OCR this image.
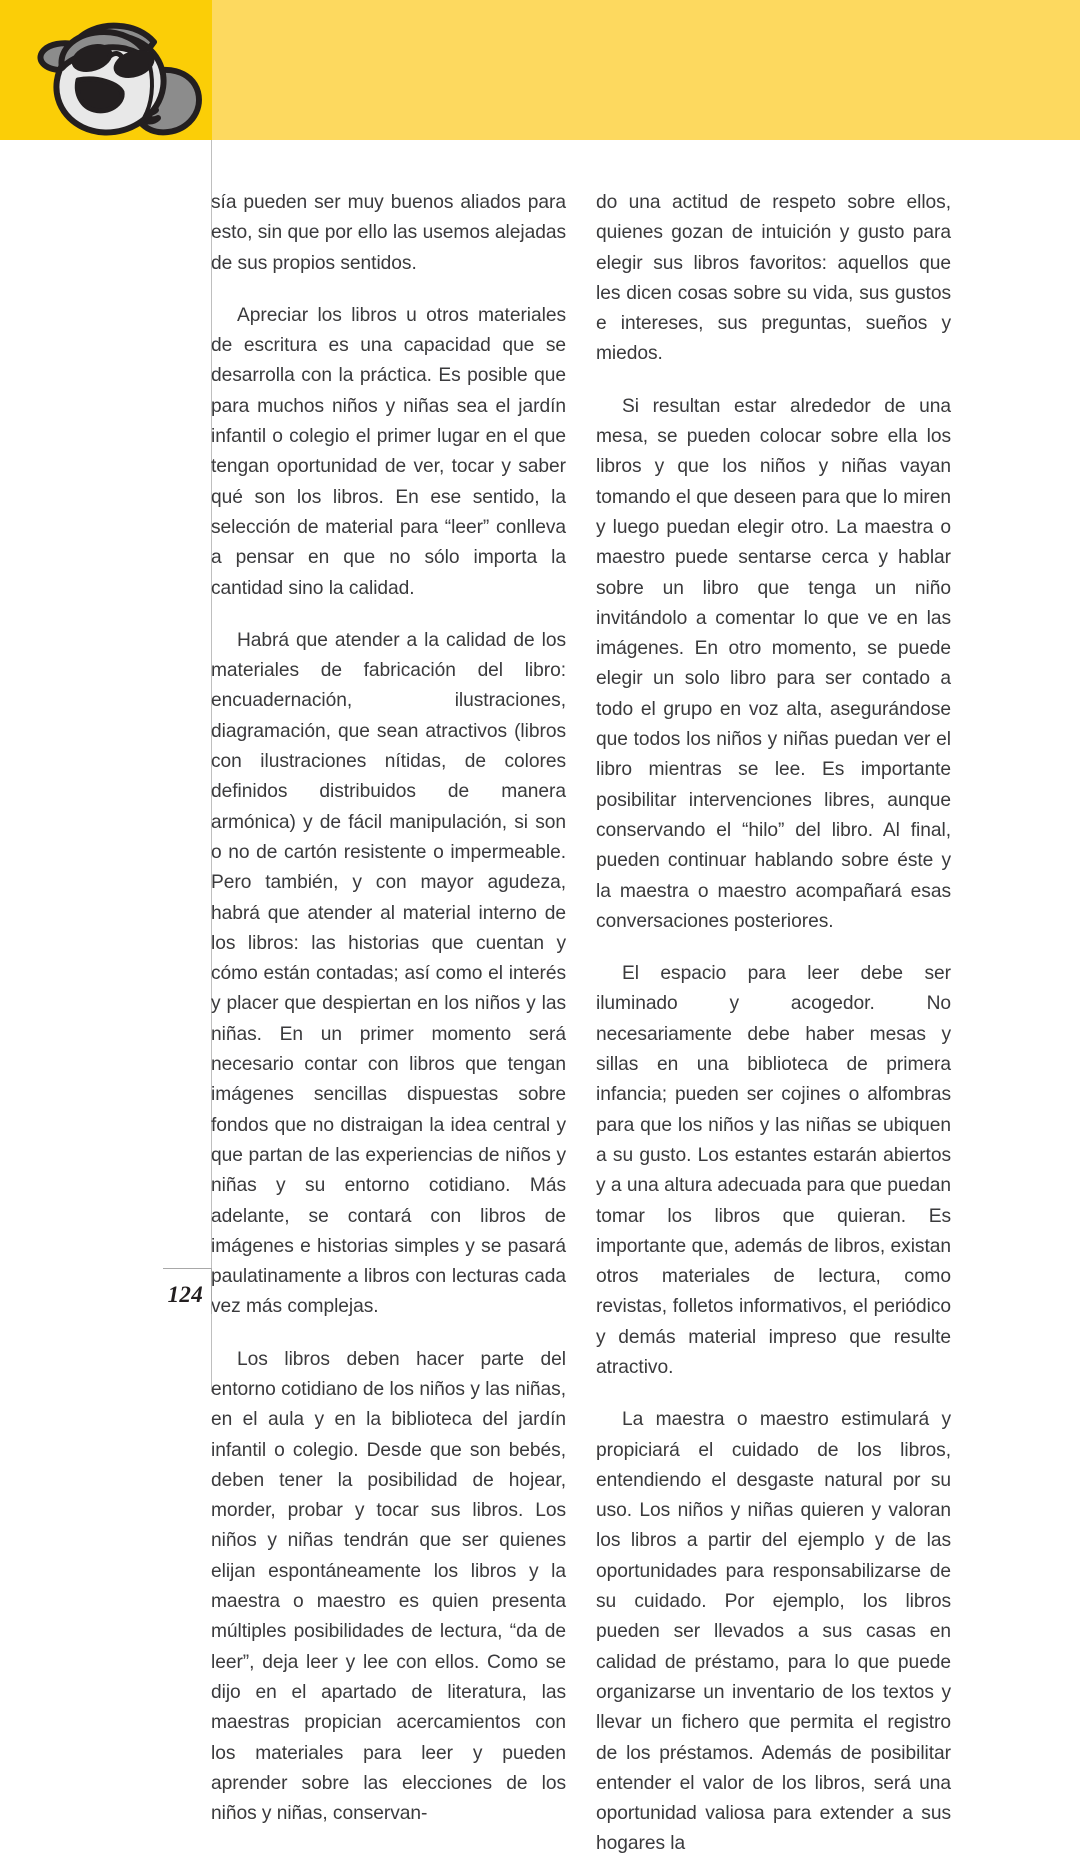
sía pueden ser muy buenos aliados para esto, sin que por ello las usemos alejadas de sus propios sentidos.

Apreciar los libros u otros materiales de escritura es una capacidad que se desarrolla con la práctica. Es posible que para muchos niños y niñas sea el jardín infantil o colegio el primer lugar en el que tengan oportunidad de ver, tocar y saber qué son los libros. En ese sentido, la selección de material para “leer” conlleva a pensar en que no sólo importa la cantidad sino la calidad.

Habrá que atender a la calidad de los materiales de fabricación del libro: encuadernación, ilustraciones, diagramación, que sean atractivos (libros con ilustraciones nítidas, de colores definidos distribuidos de manera armónica) y de fácil manipulación, si son o no de cartón resistente o impermeable. Pero también, y con mayor agudeza, habrá que atender al material interno de los libros: las historias que cuentan y cómo están contadas; así como el interés y placer que despiertan en los niños y las niñas. En un primer momento será necesario contar con libros que tengan imágenes sencillas dispuestas sobre fondos que no distraigan la idea central y que partan de las experiencias de niños y niñas y su entorno cotidiano. Más adelante, se contará con libros de imágenes e historias simples y se pasará paulatinamente a libros con lecturas cada vez más complejas.

Los libros deben hacer parte del entorno cotidiano de los niños y las niñas, en el aula y en la biblioteca del jardín infantil o colegio. Desde que son bebés, deben tener la posibilidad de hojear, morder, probar y tocar sus libros. Los niños y niñas tendrán que ser quienes elijan espontáneamente los libros y la maestra o maestro es quien presenta múltiples posibilidades de lectura, “da de leer”, deja leer y lee con ellos. Como se dijo en el apartado de literatura, las maestras propician acercamientos con los materiales para leer y pueden aprender sobre las elecciones de los niños y niñas, conservan-

do una actitud de respeto sobre ellos, quienes gozan de intuición y gusto para elegir sus libros favoritos: aquellos que les dicen cosas sobre su vida, sus gustos e intereses, sus preguntas, sueños y miedos.

Si resultan estar alrededor de una mesa, se pueden colocar sobre ella los libros y que los niños y niñas vayan tomando el que deseen para que lo miren y luego puedan elegir otro. La maestra o maestro puede sentarse cerca y hablar sobre un libro que tenga un niño invitándolo a comentar lo que ve en las imágenes. En otro momento, se puede elegir un solo libro para ser contado a todo el grupo en voz alta, asegurándose que todos los niños y niñas puedan ver el libro mientras se lee. Es importante posibilitar intervenciones libres, aunque conservando el “hilo” del libro. Al final, pueden continuar hablando sobre éste y la maestra o maestro acompañará esas conversaciones posteriores.

El espacio para leer debe ser iluminado y acogedor. No necesariamente debe haber mesas y sillas en una biblioteca de primera infancia; pueden ser cojines o alfombras para que los niños y las niñas se ubiquen a su gusto. Los estantes estarán abiertos y a una altura adecuada para que puedan tomar los libros que quieran. Es importante que, además de libros, existan otros materiales de lectura, como revistas, folletos informativos, el periódico y demás material impreso que resulte atractivo.

La maestra o maestro estimulará y propiciará el cuidado de los libros, entendiendo el desgaste natural por su uso. Los niños y niñas quieren y valoran los libros a partir del ejemplo y de las oportunidades para responsabilizarse de su cuidado. Por ejemplo, los libros pueden ser llevados a sus casas en calidad de préstamo, para lo que puede organizarse un inventario de los textos y llevar un fichero que permita el registro de los préstamos. Además de posibilitar entender el valor de los libros, será una oportunidad valiosa para extender a sus hogares la

124
